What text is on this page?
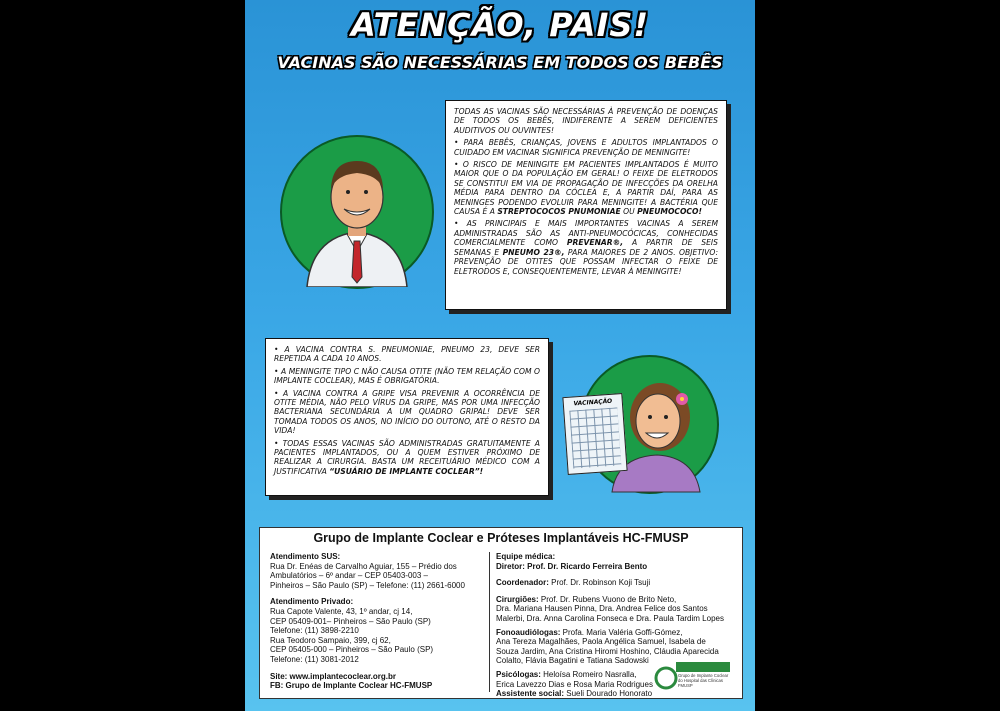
ATENÇÃO, PAIS!
VACINAS SÃO NECESSÁRIAS EM TODOS OS BEBÊS

TODAS AS VACINAS SÃO NECESSÁRIAS À PREVENÇÃO DE DOENÇAS DE TODOS OS BEBÊS, INDIFERENTE A SEREM DEFICIENTES AUDITIVOS OU OUVINTES!

• PARA BEBÊS, CRIANÇAS, JOVENS E ADULTOS IMPLANTADOS O CUIDADO EM VACINAR SIGNIFICA PREVENÇÃO DE MENINGITE!

• O RISCO DE MENINGITE EM PACIENTES IMPLANTADOS É MUITO MAIOR QUE O DA POPULAÇÃO EM GERAL! O FEIXE DE ELETRODOS SE CONSTITUI EM VIA DE PROPAGAÇÃO DE INFECÇÕES DA ORELHA MÉDIA PARA DENTRO DA CÓCLEA E, A PARTIR DAÍ, PARA AS MENINGES PODENDO EVOLUIR PARA MENINGITE! A BACTÉRIA QUE CAUSA É A STREPTOCOCOS PNUMONIAE OU PNEUMOCOCO!

• AS PRINCIPAIS E MAIS IMPORTANTES VACINAS A SEREM ADMINISTRADAS SÃO AS ANTI-PNEUMOCÓCICAS, CONHECIDAS COMERCIALMENTE COMO PREVENAR®, A PARTIR DE SEIS SEMANAS E PNEUMO 23®, PARA MAIORES DE 2 ANOS. OBJETIVO: PREVENÇÃO DE OTITES QUE POSSAM INFECTAR O FEIXE DE ELETRODOS E, CONSEQUENTEMENTE, LEVAR À MENINGITE!

• A VACINA CONTRA S. PNEUMONIAE, PNEUMO 23, DEVE SER REPETIDA A CADA 10 ANOS.

• A MENINGITE TIPO C NÃO CAUSA OTITE (NÃO TEM RELAÇÃO COM O IMPLANTE COCLEAR), MAS É OBRIGATÓRIA.

• A VACINA CONTRA A GRIPE VISA PREVENIR A OCORRÊNCIA DE OTITE MÉDIA, NÃO PELO VÍRUS DA GRIPE, MAS POR UMA INFECÇÃO BACTERIANA SECUNDÁRIA A UM QUADRO GRIPAL! DEVE SER TOMADA TODOS OS ANOS, NO INÍCIO DO OUTONO, ATÉ O RESTO DA VIDA!

• TODAS ESSAS VACINAS SÃO ADMINISTRADAS GRATUITAMENTE A PACIENTES IMPLANTADOS, OU A QUEM ESTIVER PRÓXIMO DE REALIZAR A CIRURGIA. BASTA UM RECEITUÁRIO MÉDICO COM A JUSTIFICATIVA “USUÁRIO DE IMPLANTE COCLEAR”!

VACINAÇÃO
Grupo de Implante Coclear e Próteses Implantáveis HC-FMUSP
Atendimento SUS:
Rua Dr. Enéas de Carvalho Aguiar, 155 – Prédio dos
Ambulatórios – 6º andar – CEP 05403-003 –
Pinheiros – São Paulo (SP) – Telefone: (11) 2661-6000
Atendimento Privado:
Rua Capote Valente, 43, 1º andar, cj 14,
CEP 05409-001– Pinheiros – São Paulo (SP)
Telefone: (11) 3898-2210
Rua Teodoro Sampaio, 399, cj 62,
CEP 05405-000 – Pinheiros – São Paulo (SP)
Telefone: (11) 3081-2012
Site: www.implantecoclear.org.br
FB: Grupo de Implante Coclear HC-FMUSP
Equipe médica:
Diretor: Prof. Dr. Ricardo Ferreira Bento
Coordenador: Prof. Dr. Robinson Koji Tsuji
Cirurgiões: Prof. Dr. Rubens Vuono de Brito Neto,
Dra. Mariana Hausen Pinna, Dra. Andrea Felice dos Santos
Malerbi, Dra. Anna Carolina Fonseca e Dra. Paula Tardim Lopes
Fonoaudiólogas: Profa. Maria Valéria Goffi-Gómez,
Ana Tereza Magalhães, Paola Angélica Samuel, Isabela de
Souza Jardim, Ana Cristina Hiromi Hoshino, Cláudia Aparecida
Colalto, Flávia Bagatini e Tatiana Sadowski
Psicólogas: Heloísa Romeiro Nasralla,
Erica Lavezzo Dias e Rosa Maria Rodrigues
Assistente social: Sueli Dourado Honorato
Grupo de Implante Coclear do Hospital das Clínicas FMUSP
